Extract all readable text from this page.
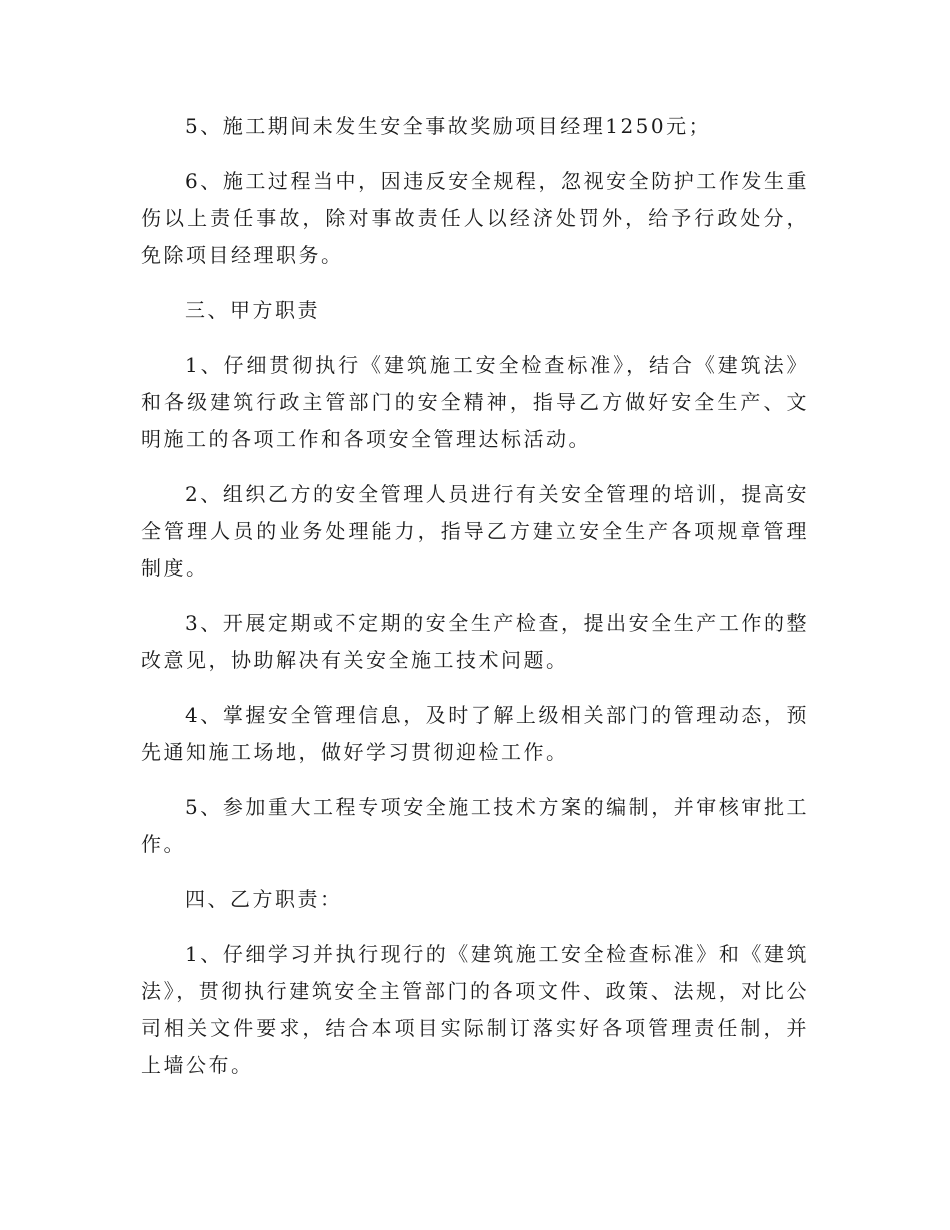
5、施工期间未发生安全事故奖励项目经理1250元；

6、施工过程当中，因违反安全规程，忽视安全防护工作发生重伤以上责任事故，除对事故责任人以经济处罚外，给予行政处分，免除项目经理职务。

三、甲方职责

1、仔细贯彻执行《建筑施工安全检查标准》，结合《建筑法》和各级建筑行政主管部门的安全精神，指导乙方做好安全生产、文明施工的各项工作和各项安全管理达标活动。

2、组织乙方的安全管理人员进行有关安全管理的培训，提高安全管理人员的业务处理能力，指导乙方建立安全生产各项规章管理制度。

3、开展定期或不定期的安全生产检查，提出安全生产工作的整改意见，协助解决有关安全施工技术问题。

4、掌握安全管理信息，及时了解上级相关部门的管理动态，预先通知施工场地，做好学习贯彻迎检工作。

5、参加重大工程专项安全施工技术方案的编制，并审核审批工作。

四、乙方职责：

1、仔细学习并执行现行的《建筑施工安全检查标准》和《建筑法》，贯彻执行建筑安全主管部门的各项文件、政策、法规，对比公司相关文件要求，结合本项目实际制订落实好各项管理责任制，并上墙公布。
